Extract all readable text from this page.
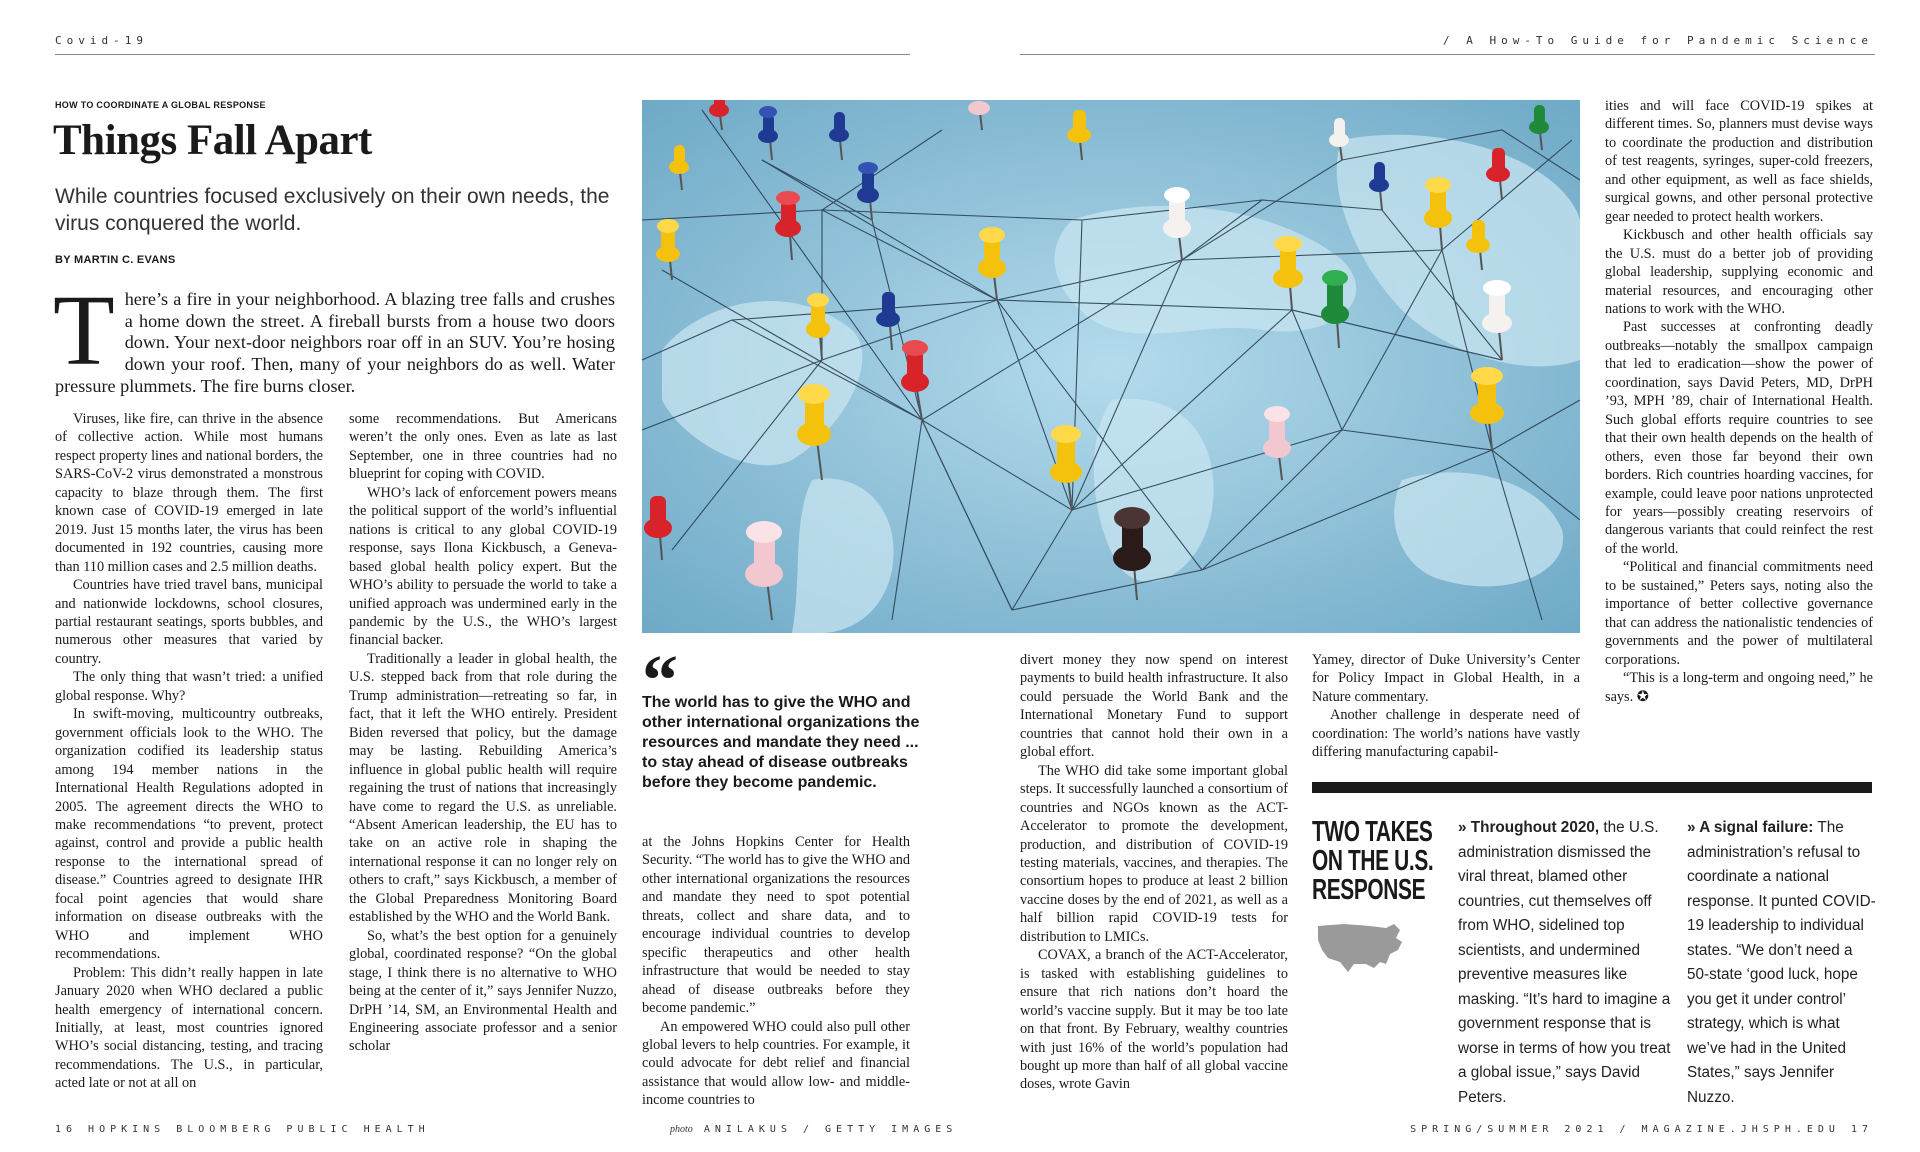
Covid-19
HOW TO COORDINATE A GLOBAL RESPONSE
Things Fall Apart
While countries focused exclusively on their own needs, the virus conquered the world.
BY MARTIN C. EVANS
There’s a fire in your neighborhood. A blazing tree falls and crushes a home down the street. A fireball bursts from a house two doors down. Your next-door neighbors roar off in an SUV. You’re hosing down your roof. Then, many of your neighbors do as well. Water pressure plummets. The fire burns closer.

Viruses, like fire, can thrive in the absence of collective action. While most humans respect property lines and national borders, the SARS-CoV-2 virus demonstrated a monstrous capacity to blaze through them. The first known case of COVID-19 emerged in late 2019. Just 15 months later, the virus has been documented in 192 countries, causing more than 110 million cases and 2.5 million deaths.

Countries have tried travel bans, municipal and nationwide lockdowns, school closures, partial restaurant seatings, sports bubbles, and numerous other measures that varied by country.

The only thing that wasn’t tried: a unified global response. Why?

In swift-moving, multicountry outbreaks, government officials look to the WHO. The organization codified its leadership status among 194 member nations in the International Health Regulations adopted in 2005. The agreement directs the WHO to make recommendations “to prevent, protect against, control and provide a public health response to the international spread of disease.” Countries agreed to designate IHR focal point agencies that would share information on disease outbreaks with the WHO and implement WHO recommendations.

Problem: This didn’t really happen in late January 2020 when WHO declared a public health emergency of international concern. Initially, at least, most countries ignored WHO’s social distancing, testing, and tracing recommendations. The U.S., in particular, acted late or not at all on

some recommendations. But Americans weren’t the only ones. Even as late as last September, one in three countries had no blueprint for coping with COVID.

WHO’s lack of enforcement powers means the political support of the world’s influential nations is critical to any global COVID-19 response, says Ilona Kickbusch, a Geneva-based global health policy expert. But the WHO’s ability to persuade the world to take a unified approach was undermined early in the pandemic by the U.S., the WHO’s largest financial backer.

Traditionally a leader in global health, the U.S. stepped back from that role during the Trump administration—retreating so far, in fact, that it left the WHO entirely. President Biden reversed that policy, but the damage may be lasting. Rebuilding America’s influence in global public health will require regaining the trust of nations that increasingly have come to regard the U.S. as unreliable. “Absent American leadership, the EU has to take on an active role in shaping the international response it can no longer rely on others to craft,” says Kickbusch, a member of the Global Preparedness Monitoring Board established by the WHO and the World Bank.

So, what’s the best option for a genuinely global, coordinated response? “On the global stage, I think there is no alternative to WHO being at the center of it,” says Jennifer Nuzzo, DrPH ’14, SM, an Environmental Health and Engineering associate professor and a senior scholar

“
The world has to give the WHO and other international organizations the resources and mandate they need ... to stay ahead of disease outbreaks before they become pandemic.

at the Johns Hopkins Center for Health Security. “The world has to give the WHO and other international organizations the resources and mandate they need to spot potential threats, collect and share data, and to encourage individual countries to develop specific therapeutics and other health infrastructure that would be needed to stay ahead of disease outbreaks before they become pandemic.”

An empowered WHO could also pull other global levers to help countries. For example, it could advocate for debt relief and financial assistance that would allow low- and middle-income countries to

16 HOPKINS BLOOMBERG PUBLIC HEALTH	photo ANILAKUS / GETTY IMAGES
/ A How-To Guide for Pandemic Science

divert money they now spend on interest payments to build health infrastructure. It also could persuade the World Bank and the International Monetary Fund to support countries that cannot hold their own in a global effort.

The WHO did take some important global steps. It successfully launched a consortium of countries and NGOs known as the ACT-Accelerator to promote the development, production, and distribution of COVID-19 testing materials, vaccines, and therapies. The consortium hopes to produce at least 2 billion vaccine doses by the end of 2021, as well as a half billion rapid COVID-19 tests for distribution to LMICs.

COVAX, a branch of the ACT-Accelerator, is tasked with establishing guidelines to ensure that rich nations don’t hoard the world’s vaccine supply. But it may be too late on that front. By February, wealthy countries with just 16% of the world’s population had bought up more than half of all global vaccine doses, wrote Gavin

Yamey, director of Duke University’s Center for Policy Impact in Global Health, in a Nature commentary.

Another challenge in desperate need of coordination: The world’s nations have vastly differing manufacturing capabil-

ities and will face COVID-19 spikes at different times. So, planners must devise ways to coordinate the production and distribution of test reagents, syringes, super-cold freezers, and other equipment, as well as face shields, surgical gowns, and other personal protective gear needed to protect health workers.

Kickbusch and other health officials say the U.S. must do a better job of providing global leadership, supplying economic and material resources, and encouraging other nations to work with the WHO.

Past successes at confronting deadly outbreaks—notably the smallpox campaign that led to eradication—show the power of coordination, says David Peters, MD, DrPH ’93, MPH ’89, chair of International Health. Such global efforts require countries to see that their own health depends on the health of others, even those far beyond their own borders. Rich countries hoarding vaccines, for example, could leave poor nations unprotected for years—possibly creating reservoirs of dangerous variants that could reinfect the rest of the world.

“Political and financial commitments need to be sustained,” Peters says, noting also the importance of better collective governance that can address the nationalistic tendencies of governments and the power of multilateral corporations.

“This is a long-term and ongoing need,” he says. ✪

SPRING/SUMMER 2021 / MAGAZINE.JHSPH.EDU 17
TWO TAKES
ON THE U.S.
RESPONSE
» Throughout 2020, the U.S. administration dismissed the viral threat, blamed other countries, cut themselves off from WHO, sidelined top scientists, and undermined preventive measures like masking. “It’s hard to imagine a government response that is worse in terms of how you treat a global issue,” says David Peters.
» A signal failure: The administration’s refusal to coordinate a national response. It punted COVID-19 leadership to individual states. “We don’t need a 50-state ‘good luck, hope you get it under control’ strategy, which is what we’ve had in the United States,” says Jennifer Nuzzo.
